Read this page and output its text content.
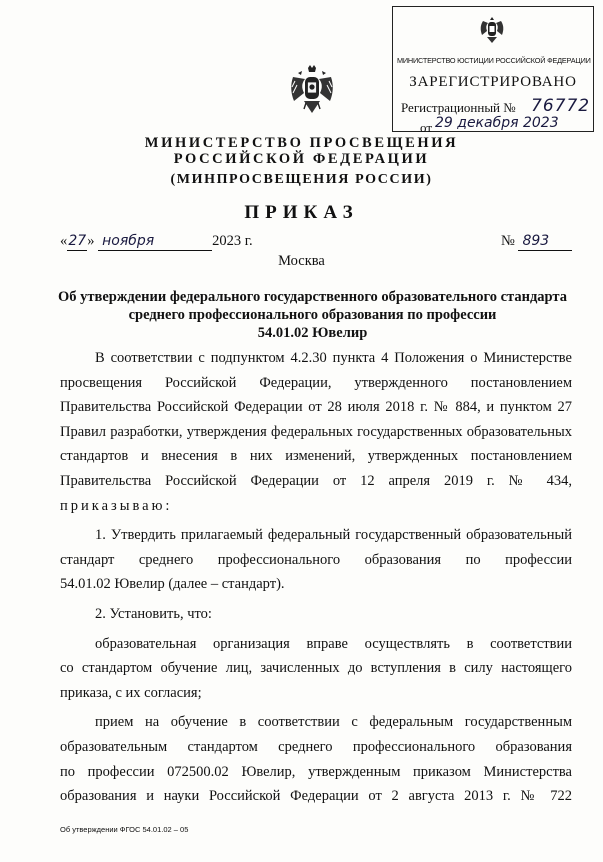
МИНИСТЕРСТВО ЮСТИЦИИ РОССИЙСКОЙ ФЕДЕРАЦИИ
ЗАРЕГИСТРИРОВАНО
Регистрационный № 76772
от 29 декабря 2023
МИНИСТЕРСТВО ПРОСВЕЩЕНИЯ
РОССИЙСКОЙ ФЕДЕРАЦИИ
(МИНПРОСВЕЩЕНИЯ РОССИИ)
ПРИКАЗ
«27» ноября	2023 г.	№ 893
Москва
Об утверждении федерального государственного образовательного стандарта
среднего профессионального образования по профессии
54.01.02 Ювелир

В соответствии с подпунктом 4.2.30 пункта 4 Положения о Министерстве
просвещения Российской Федерации, утвержденного постановлением
Правительства Российской Федерации от 28 июля 2018 г. № 884, и пунктом 27
Правил разработки, утверждения федеральных государственных образовательных
стандартов и внесения в них изменений, утвержденных постановлением
Правительства Российской Федерации от 12 апреля 2019 г. № 434,
приказываю:

1. Утвердить прилагаемый федеральный государственный образовательный
стандарт среднего профессионального образования по профессии
54.01.02 Ювелир (далее – стандарт).

2. Установить, что:

образовательная организация вправе осуществлять в соответствии
со стандартом обучение лиц, зачисленных до вступления в силу настоящего
приказа, с их согласия;

прием на обучение в соответствии с федеральным государственным
образовательным стандартом среднего профессионального образования
по профессии 072500.02 Ювелир, утвержденным приказом Министерства
образования и науки Российской Федерации от 2 августа 2013 г. № 722

Об утверждении ФГОС 54.01.02 – 05
